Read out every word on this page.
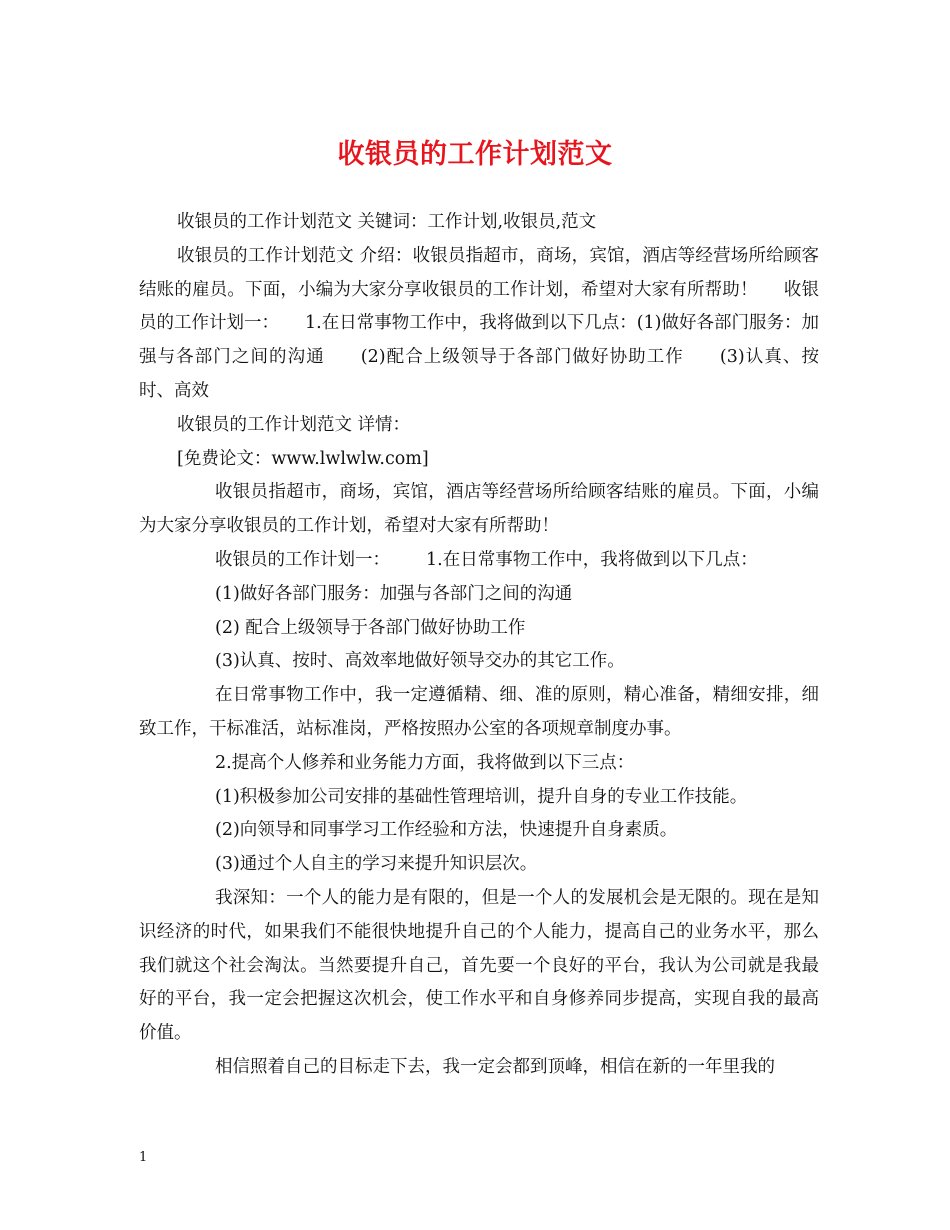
收银员的工作计划范文

收银员的工作计划范文 关键词：工作计划,收银员,范文

收银员的工作计划范文 介绍：收银员指超市，商场，宾馆，酒店等经营场所给顾客结账的雇员。下面，小编为大家分享收银员的工作计划，希望对大家有所帮助！ 收银员的工作计划一： 1.在日常事物工作中，我将做到以下几点：(1)做好各部门服务：加强与各部门之间的沟通 (2)配合上级领导于各部门做好协助工作 (3)认真、按时、高效

收银员的工作计划范文 详情：

[免费论文：www.lwlwlw.com]

收银员指超市，商场，宾馆，酒店等经营场所给顾客结账的雇员。下面，小编为大家分享收银员的工作计划，希望对大家有所帮助！

收银员的工作计划一： 1.在日常事物工作中，我将做到以下几点：

(1)做好各部门服务：加强与各部门之间的沟通

(2) 配合上级领导于各部门做好协助工作

(3)认真、按时、高效率地做好领导交办的其它工作。

在日常事物工作中，我一定遵循精、细、准的原则，精心准备，精细安排，细致工作，干标准活，站标准岗，严格按照办公室的各项规章制度办事。

2.提高个人修养和业务能力方面，我将做到以下三点：

(1)积极参加公司安排的基础性管理培训，提升自身的专业工作技能。

(2)向领导和同事学习工作经验和方法，快速提升自身素质。

(3)通过个人自主的学习来提升知识层次。

我深知：一个人的能力是有限的，但是一个人的发展机会是无限的。现在是知识经济的时代，如果我们不能很快地提升自己的个人能力，提高自己的业务水平，那么我们就这个社会淘汰。当然要提升自己，首先要一个良好的平台，我认为公司就是我最好的平台，我一定会把握这次机会，使工作水平和自身修养同步提高，实现自我的最高价值。

相信照着自己的目标走下去，我一定会都到顶峰，相信在新的一年里我的

1
